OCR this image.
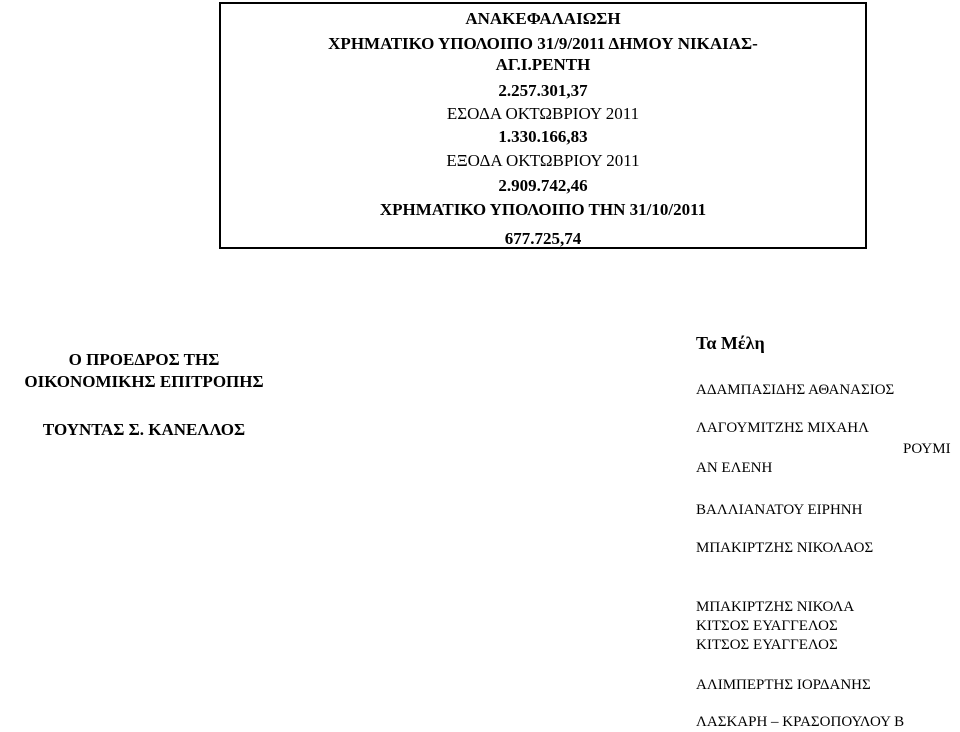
ΑΝΑΚΕΦΑΛΑΙΩΣΗ
ΧΡΗΜΑΤΙΚΟ ΥΠΟΛΟΙΠΟ 31/9/2011 ΔΗΜΟΥ ΝΙΚΑΙΑΣ-
ΑΓ.Ι.ΡΕΝΤΗ
2.257.301,37
ΕΣΟΔΑ ΟΚΤΩΒΡΙΟΥ 2011
1.330.166,83
ΕΞΟΔΑ ΟΚΤΩΒΡΙΟΥ 2011
2.909.742,46
ΧΡΗΜΑΤΙΚΟ ΥΠΟΛΟΙΠΟ ΤΗΝ 31/10/2011
677.725,74
Ο ΠΡΟΕΔΡΟΣ ΤΗΣ
ΟΙΚΟΝΟΜΙΚΗΣ ΕΠΙΤΡΟΠΗΣ
ΤΟΥΝΤΑΣ Σ. ΚΑΝΕΛΛΟΣ
Τα Μέλη
ΑΔΑΜΠΑΣΙΔΗΣ ΑΘΑΝΑΣΙΟΣ
ΛΑΓΟΥΜΙΤΖΗΣ ΜΙΧΑΗΛ
ΡΟΥΜΙ
ΑΝ ΕΛΕΝΗ
ΒΑΛΛΙΑΝΑΤΟΥ ΕΙΡΗΝΗ
ΜΠΑΚΙΡΤΖΗΣ ΝΙΚΟΛΑΟΣ
ΜΠΑΚΙΡΤΖΗΣ ΝΙΚΟΛΑ
ΚΙΤΣΟΣ ΕΥΑΓΓΕΛΟΣ
ΚΙΤΣΟΣ ΕΥΑΓΓΕΛΟΣ
ΑΛΙΜΠΕΡΤΗΣ ΙΟΡΔΑΝΗΣ
ΛΑΣΚΑΡΗ – ΚΡΑΣΟΠΟΥΛΟΥ Β
